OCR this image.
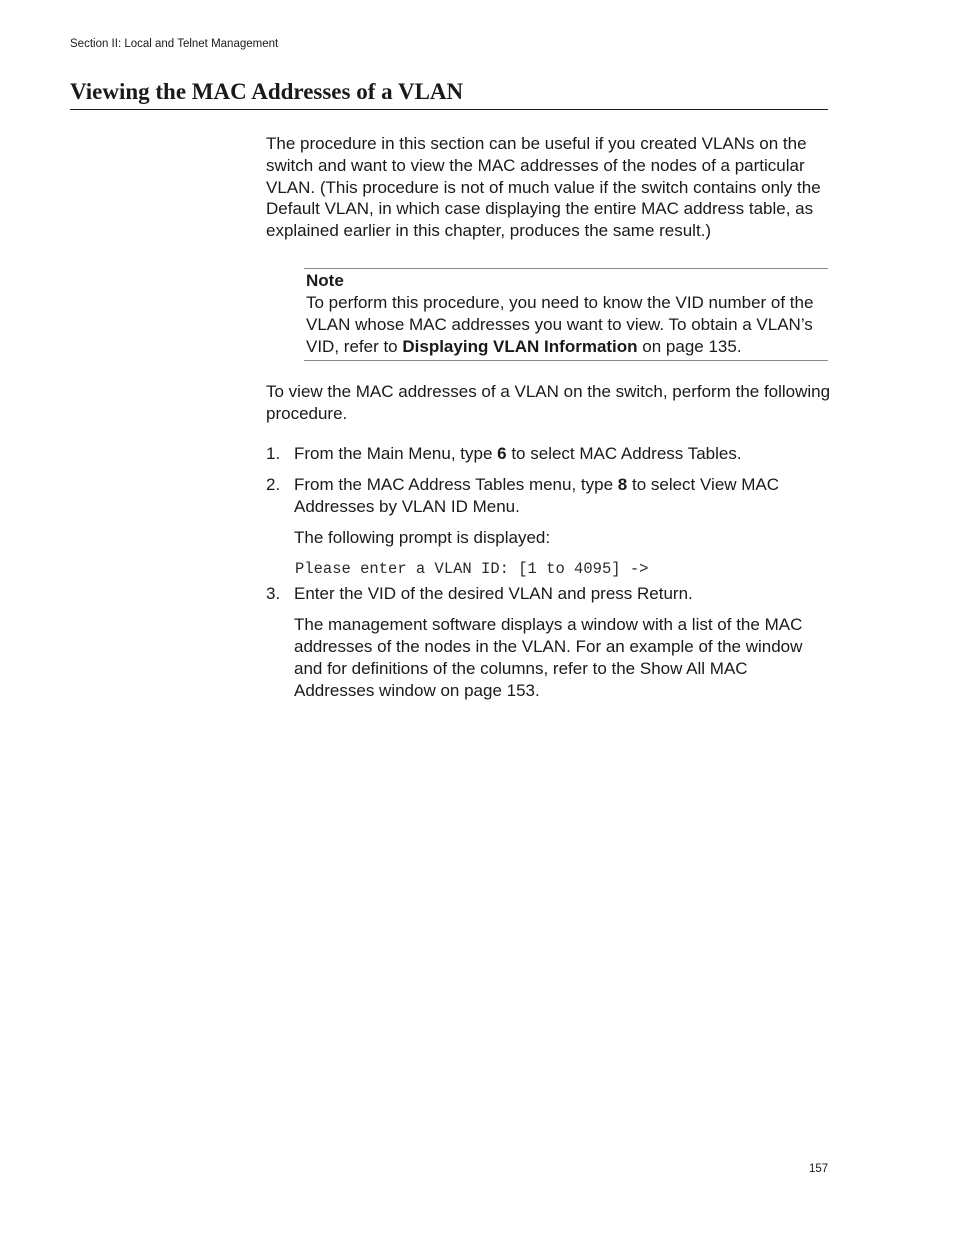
Section II: Local and Telnet Management
Viewing the MAC Addresses of a VLAN

The procedure in this section can be useful if you created VLANs on the switch and want to view the MAC addresses of the nodes of a particular VLAN. (This procedure is not of much value if the switch contains only the Default VLAN, in which case displaying the entire MAC address table, as explained earlier in this chapter, produces the same result.)

Note
To perform this procedure, you need to know the VID number of the VLAN whose MAC addresses you want to view. To obtain a VLAN’s VID, refer to Displaying VLAN Information on page 135.

To view the MAC addresses of a VLAN on the switch, perform the following procedure.

1. From the Main Menu, type 6 to select MAC Address Tables.
2. From the MAC Address Tables menu, type 8 to select View MAC Addresses by VLAN ID Menu.
The following prompt is displayed:
Please enter a VLAN ID: [1 to 4095] ->
3. Enter the VID of the desired VLAN and press Return.
The management software displays a window with a list of the MAC addresses of the nodes in the VLAN. For an example of the window and for definitions of the columns, refer to the Show All MAC Addresses window on page 153.
157
